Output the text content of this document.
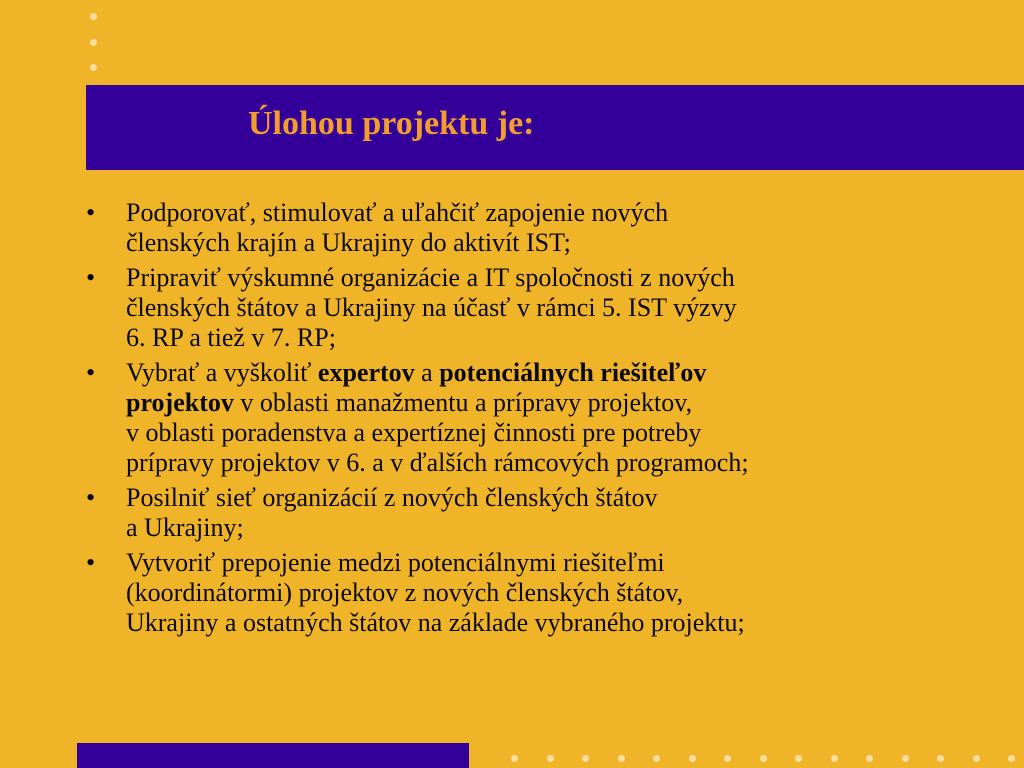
Úlohou projektu je:
• Podporovať, stimulovať a uľahčiť zapojenie nových
členských krajín a Ukrajiny do aktivít IST;
• Pripraviť výskumné organizácie a IT spoločnosti z nových
členských štátov a Ukrajiny na účasť v rámci 5. IST výzvy
6. RP a tiež v 7. RP;
• Vybrať a vyškoliť expertov a potenciálnych riešiteľov
projektov v oblasti manažmentu a prípravy projektov,
v oblasti poradenstva a expertíznej činnosti pre potreby
prípravy projektov v 6. a v ďalších rámcových programoch;
• Posilniť sieť organizácií z nových členských štátov
a Ukrajiny;
• Vytvoriť prepojenie medzi potenciálnymi riešiteľmi
(koordinátormi) projektov z nových členských štátov,
Ukrajiny a ostatných štátov na základe vybraného projektu;
